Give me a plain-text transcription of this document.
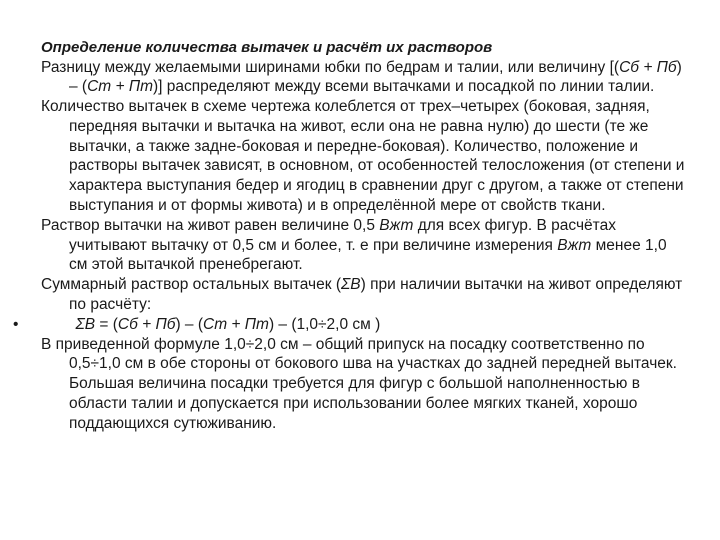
Определение количества вытачек и расчёт их растворов

Разницу между желаемыми ширинами юбки по бедрам и талии, или величину [(Сб + Пб) – (Ст + Пт)] распределяют между всеми вытачками и посадкой по линии талии.

Количество вытачек в схеме чертежа колеблется от трех–четырех (боковая, задняя, передняя вытачки и вытачка на живот, если она не равна нулю) до шести (те же вытачки, а также задне-боковая и передне-боковая). Количество, положение и растворы вытачек зависят, в основном, от особенностей телосложения (от степени и характера выступания бедер и ягодиц в сравнении друг с другом, а также от степени выступания и от формы живота) и в определённой мере от свойств ткани.

Раствор вытачки на живот равен величине 0,5 Вжт для всех фигур. В расчётах учитывают вытачку от 0,5 см и более, т. е при величине измерения Вжт менее 1,0 см этой вытачкой пренебрегают.

Суммарный раствор остальных вытачек (ΣB) при наличии вытачки на живот определяют по расчёту:

•	ΣВ = (Сб + Пб) – (Ст + Пт) – (1,0÷2,0 см )

В приведенной формуле 1,0÷2,0 см – общий припуск на посадку соответственно по 0,5÷1,0 см в обе стороны от бокового шва на участках до задней передней вытачек. Большая величина посадки требуется для фигур с большой наполненностью в области талии и допускается при использовании более мягких тканей, хорошо поддающихся сутюживанию.
